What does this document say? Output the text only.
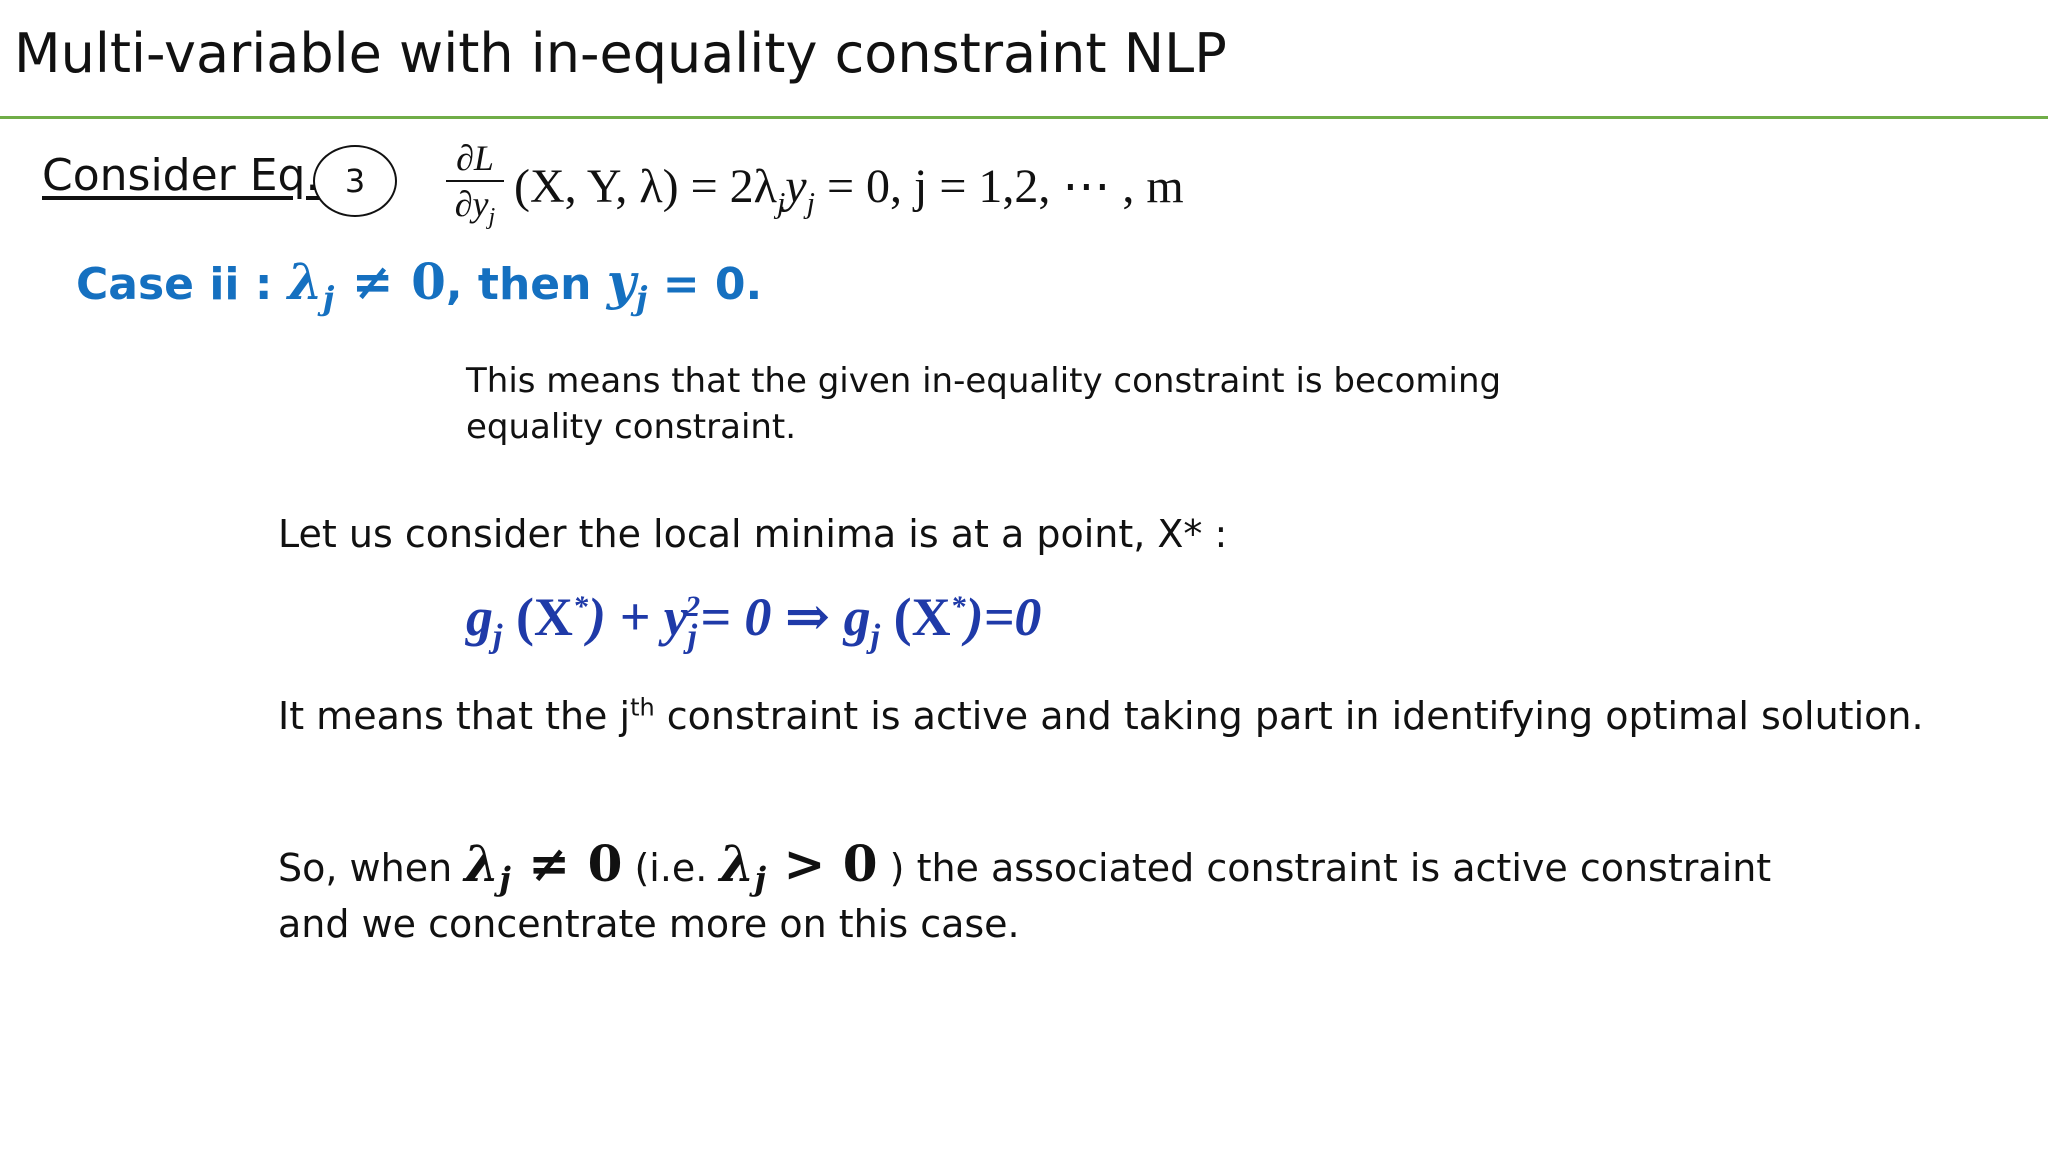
Multi-variable with in-equality constraint NLP
Consider Eq. 3
∂L
$\partial y_j$
(X, Y, $\lambda) = 2\lambda_jy_j = 0$, j = 1,2, ⋯ , m
Case ii : $\lambda_j \ne 0$, then $y_j = 0$.
This means that the given in-equality constraint is becoming equality constraint.
Let us consider the local minima is at a point, X* :
$g_j$ $(X^*) + y_j^2= 0$ ⇒ $g_j$ (X*)=0
It means that the $j^{th}$ constraint is active and taking part in identifying optimal solution.
So, when $\lambda_j \ne 0$ (i.e. $\lambda_j > 0$ ) the associated constraint is active constraint and we concentrate more on this case.
